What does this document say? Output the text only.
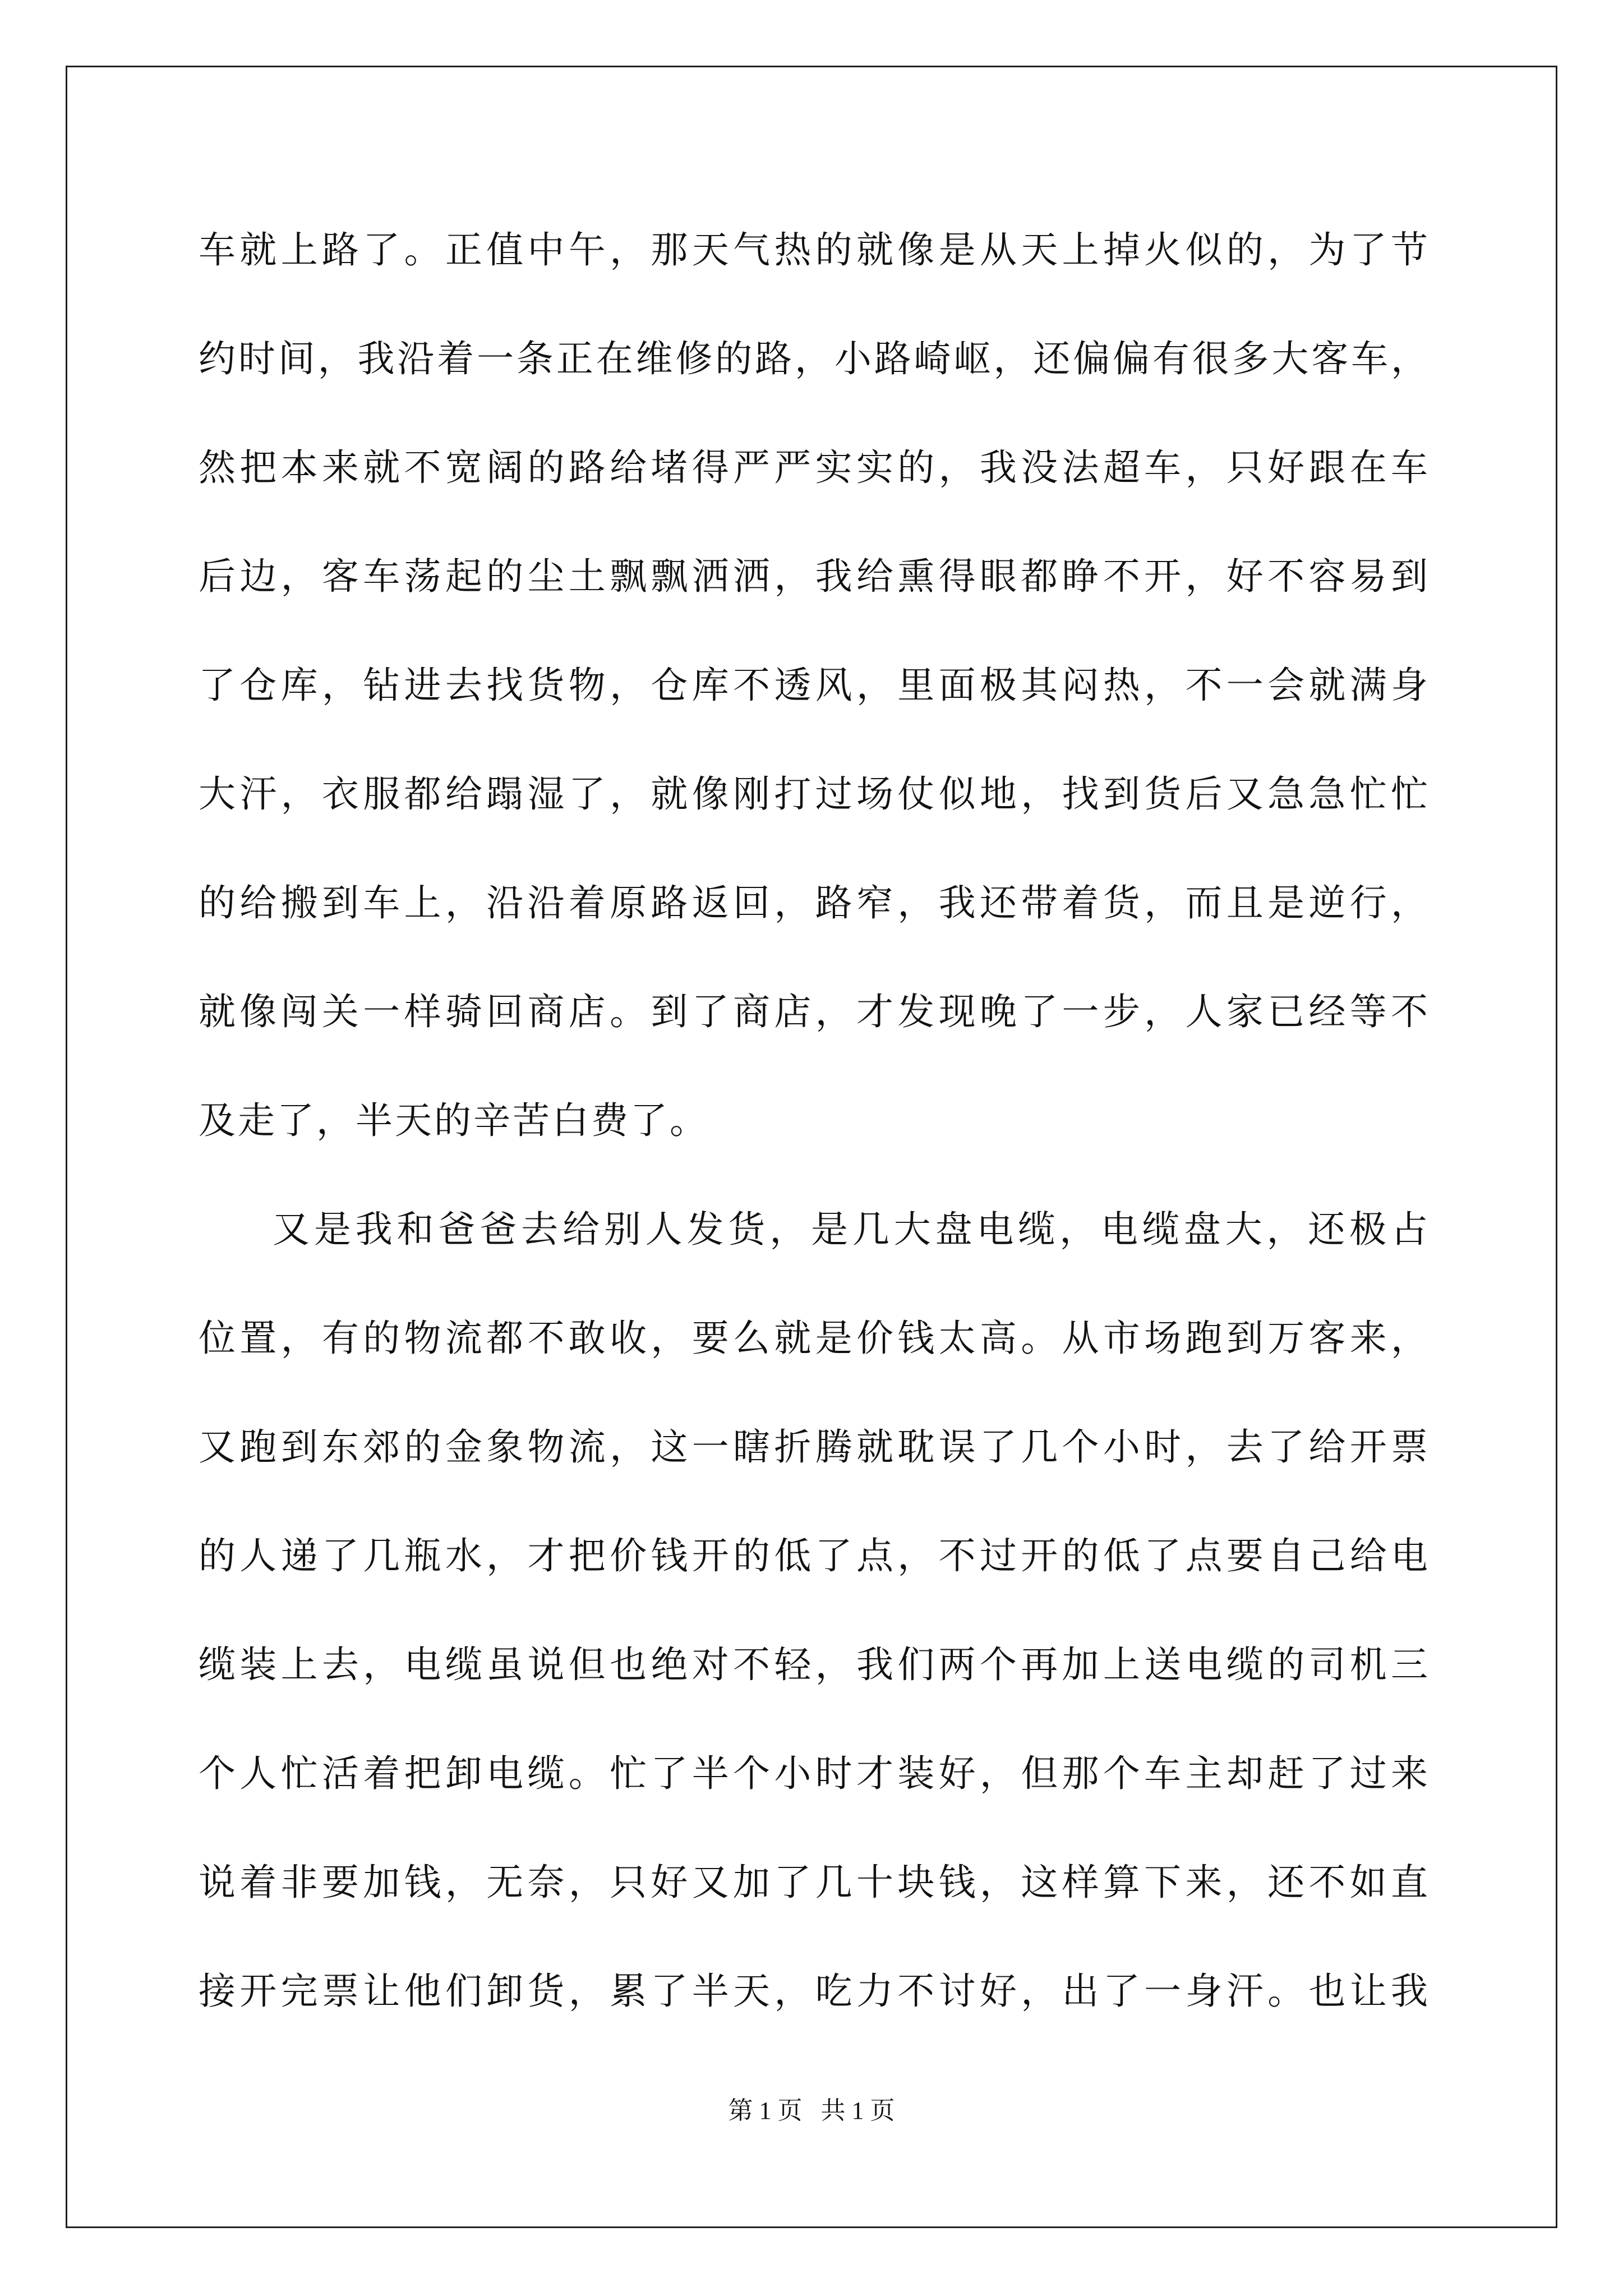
车就上路了。正值中午，那天气热的就像是从天上掉火似的，为了节
约时间，我沿着一条正在维修的路，小路崎岖，还偏偏有很多大客车，
然把本来就不宽阔的路给堵得严严实实的，我没法超车，只好跟在车
后边，客车荡起的尘土飘飘洒洒，我给熏得眼都睁不开，好不容易到
了仓库，钻进去找货物，仓库不透风，里面极其闷热，不一会就满身
大汗，衣服都给蹋湿了，就像刚打过场仗似地，找到货后又急急忙忙
的给搬到车上，沿沿着原路返回，路窄，我还带着货，而且是逆行，
就像闯关一样骑回商店。到了商店，才发现晚了一步，人家已经等不
及走了，半天的辛苦白费了。
又是我和爸爸去给别人发货，是几大盘电缆，电缆盘大，还极占
位置，有的物流都不敢收，要么就是价钱太高。从市场跑到万客来，
又跑到东郊的金象物流，这一瞎折腾就耽误了几个小时，去了给开票
的人递了几瓶水，才把价钱开的低了点，不过开的低了点要自己给电
缆装上去，电缆虽说但也绝对不轻，我们两个再加上送电缆的司机三
个人忙活着把卸电缆。忙了半个小时才装好，但那个车主却赶了过来
说着非要加钱，无奈，只好又加了几十块钱，这样算下来，还不如直
接开完票让他们卸货，累了半天，吃力不讨好，出了一身汗。也让我
第 1 页   共 1 页
